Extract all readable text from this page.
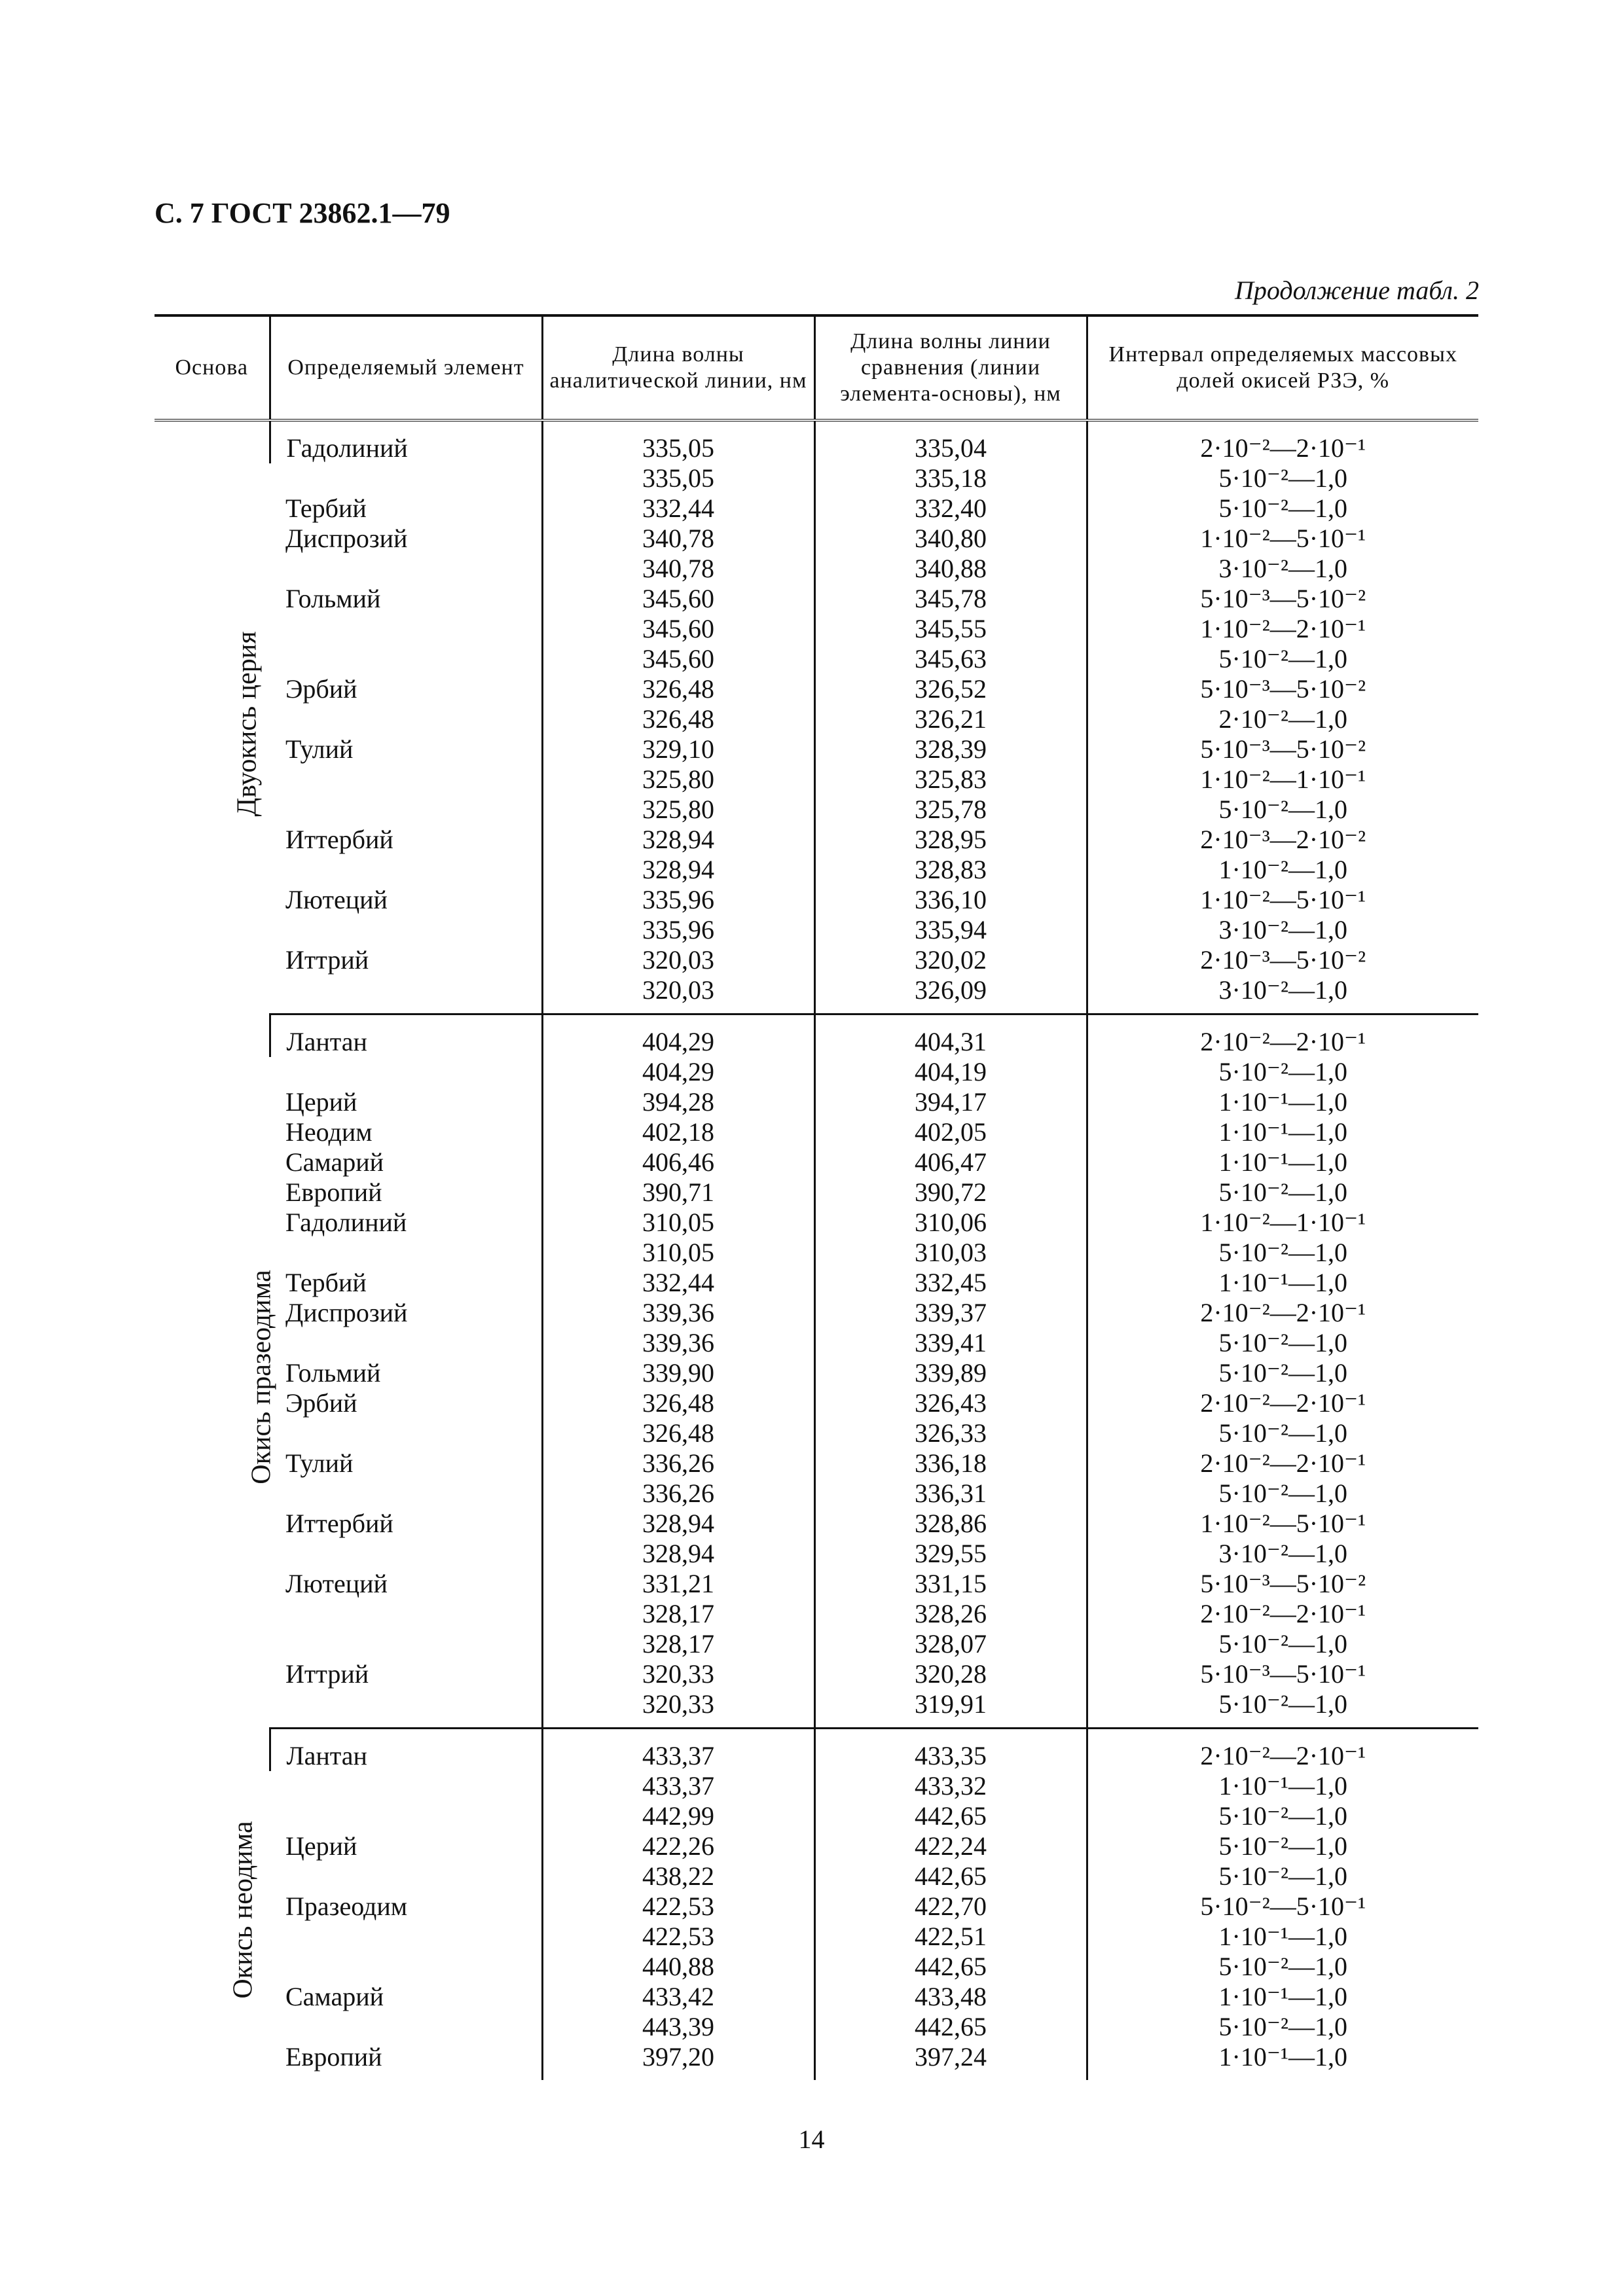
С. 7 ГОСТ 23862.1—79
Продолжение табл. 2
Основа	Определяемый элемент	Длина волны аналитической линии, нм	Длина волны линии сравнения (линии элемента-основы), нм	Интервал определяемых массовых долей окисей РЗЭ, %
Двуокись церия	Гадолиний	335,05	335,04	2·10⁻²—2·10⁻¹
		335,05	335,18	5·10⁻²—1,0
	Тербий	332,44	332,40	5·10⁻²—1,0
	Диспрозий	340,78	340,80	1·10⁻²—5·10⁻¹
		340,78	340,88	3·10⁻²—1,0
	Гольмий	345,60	345,78	5·10⁻³—5·10⁻²
		345,60	345,55	1·10⁻²—2·10⁻¹
		345,60	345,63	5·10⁻²—1,0
	Эрбий	326,48	326,52	5·10⁻³—5·10⁻²
		326,48	326,21	2·10⁻²—1,0
	Тулий	329,10	328,39	5·10⁻³—5·10⁻²
		325,80	325,83	1·10⁻²—1·10⁻¹
		325,80	325,78	5·10⁻²—1,0
	Иттербий	328,94	328,95	2·10⁻³—2·10⁻²
		328,94	328,83	1·10⁻²—1,0
	Лютеций	335,96	336,10	1·10⁻²—5·10⁻¹
		335,96	335,94	3·10⁻²—1,0
	Иттрий	320,03	320,02	2·10⁻³—5·10⁻²
		320,03	326,09	3·10⁻²—1,0
Окись празеодима	Лантан	404,29	404,31	2·10⁻²—2·10⁻¹
		404,29	404,19	5·10⁻²—1,0
	Церий	394,28	394,17	1·10⁻¹—1,0
	Неодим	402,18	402,05	1·10⁻¹—1,0
	Самарий	406,46	406,47	1·10⁻¹—1,0
	Европий	390,71	390,72	5·10⁻²—1,0
	Гадолиний	310,05	310,06	1·10⁻²—1·10⁻¹
		310,05	310,03	5·10⁻²—1,0
	Тербий	332,44	332,45	1·10⁻¹—1,0
	Диспрозий	339,36	339,37	2·10⁻²—2·10⁻¹
		339,36	339,41	5·10⁻²—1,0
	Гольмий	339,90	339,89	5·10⁻²—1,0
	Эрбий	326,48	326,43	2·10⁻²—2·10⁻¹
		326,48	326,33	5·10⁻²—1,0
	Тулий	336,26	336,18	2·10⁻²—2·10⁻¹
		336,26	336,31	5·10⁻²—1,0
	Иттербий	328,94	328,86	1·10⁻²—5·10⁻¹
		328,94	329,55	3·10⁻²—1,0
	Лютеций	331,21	331,15	5·10⁻³—5·10⁻²
		328,17	328,26	2·10⁻²—2·10⁻¹
		328,17	328,07	5·10⁻²—1,0
	Иттрий	320,33	320,28	5·10⁻³—5·10⁻¹
		320,33	319,91	5·10⁻²—1,0
Окись неодима	Лантан	433,37	433,35	2·10⁻²—2·10⁻¹
		433,37	433,32	1·10⁻¹—1,0
		442,99	442,65	5·10⁻²—1,0
	Церий	422,26	422,24	5·10⁻²—1,0
		438,22	442,65	5·10⁻²—1,0
	Празеодим	422,53	422,70	5·10⁻²—5·10⁻¹
		422,53	422,51	1·10⁻¹—1,0
		440,88	442,65	5·10⁻²—1,0
	Самарий	433,42	433,48	1·10⁻¹—1,0
		443,39	442,65	5·10⁻²—1,0
	Европий	397,20	397,24	1·10⁻¹—1,0
14
